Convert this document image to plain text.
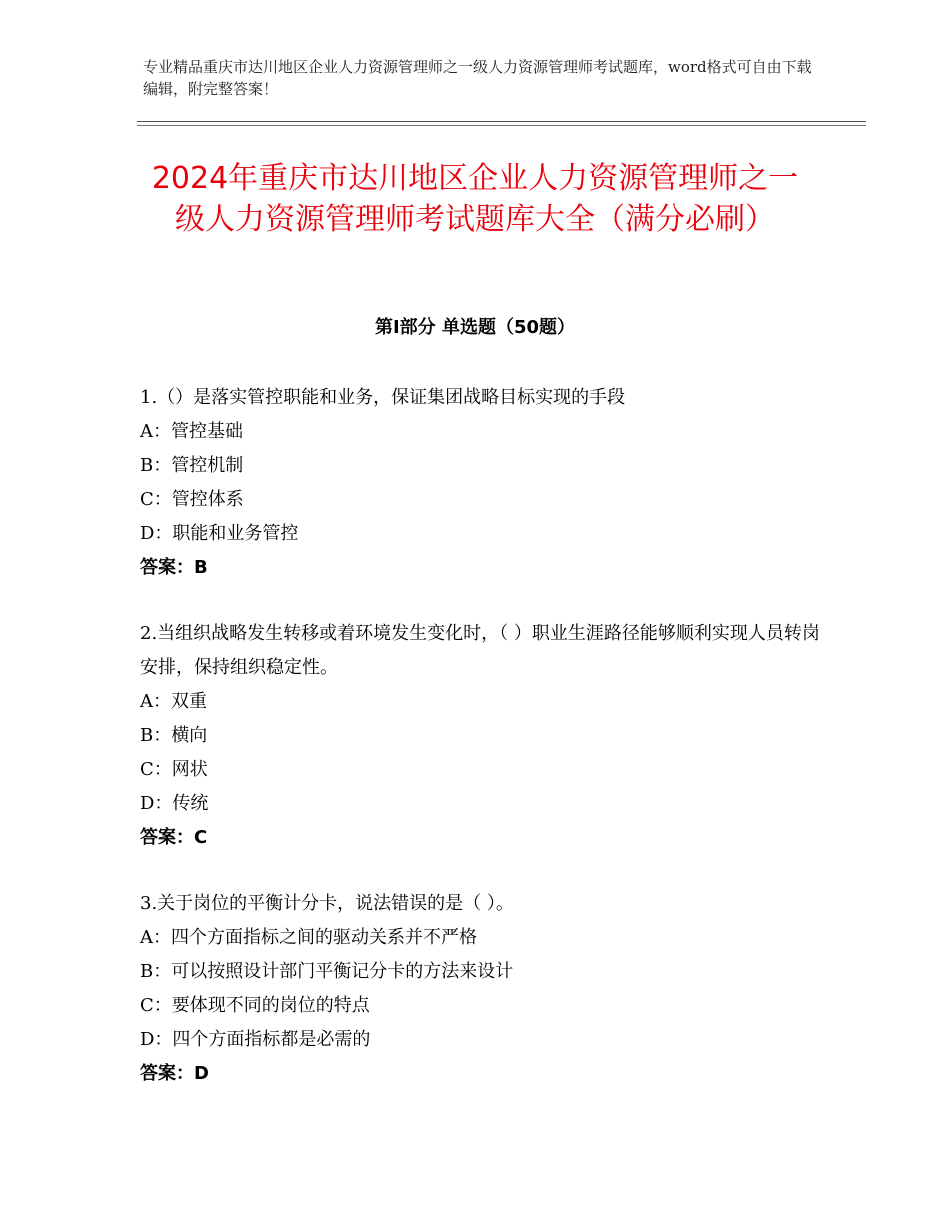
专业精品重庆市达川地区企业人力资源管理师之一级人力资源管理师考试题库，word格式可自由下载编辑，附完整答案！
2024年重庆市达川地区企业人力资源管理师之一级人力资源管理师考试题库大全（满分必刷）
第Ⅰ部分 单选题（50题）
1.（）是落实管控职能和业务，保证集团战略目标实现的手段
A：管控基础
B：管控机制
C：管控体系
D：职能和业务管控
答案：B
2.当组织战略发生转移或着环境发生变化时，（ ）职业生涯路径能够顺利实现人员转岗安排，保持组织稳定性。
A：双重
B：横向
C：网状
D：传统
答案：C
3.关于岗位的平衡计分卡，说法错误的是（ ）。
A：四个方面指标之间的驱动关系并不严格
B：可以按照设计部门平衡记分卡的方法来设计
C：要体现不同的岗位的特点
D：四个方面指标都是必需的
答案：D
